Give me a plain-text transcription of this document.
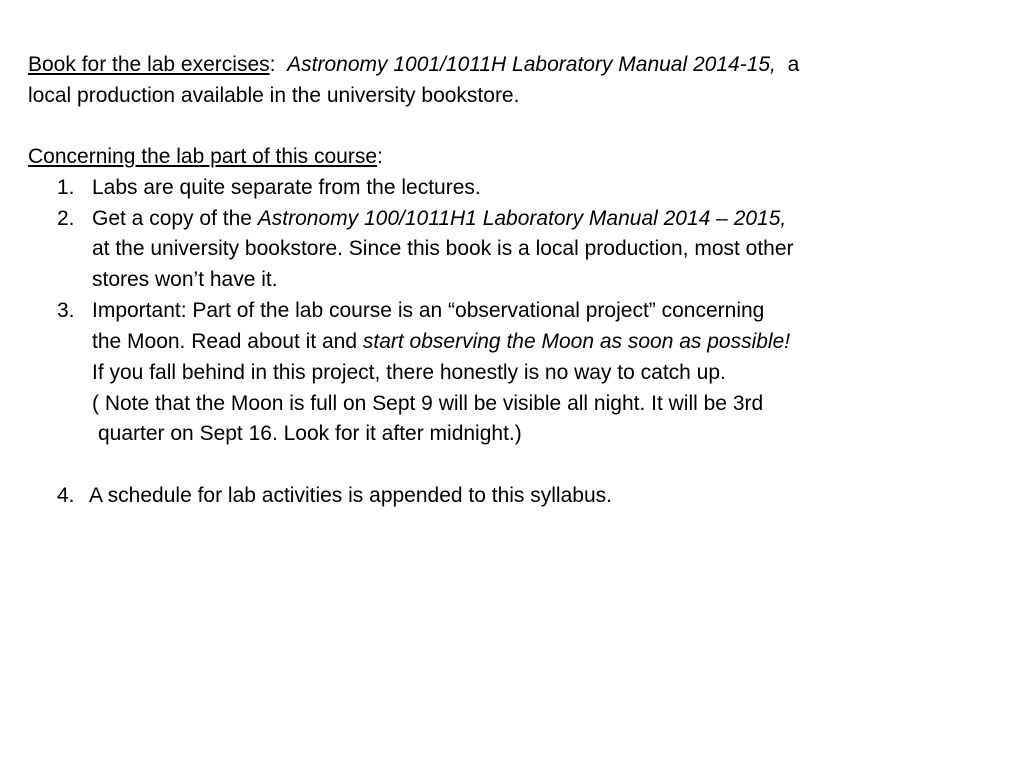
Book for the lab exercises: Astronomy 1001/1011H Laboratory Manual 2014-15, a
local production available in the university bookstore.
Concerning the lab part of this course:
1. Labs are quite separate from the lectures.
2. Get a copy of the Astronomy 100/1011H1 Laboratory Manual 2014 – 2015,
at the university bookstore. Since this book is a local production, most other
stores won’t have it.
3. Important: Part of the lab course is an “observational project” concerning
the Moon. Read about it and start observing the Moon as soon as possible!
If you fall behind in this project, there honestly is no way to catch up.
( Note that the Moon is full on Sept 9 will be visible all night. It will be 3rd
quarter on Sept 16. Look for it after midnight.)
4. A schedule for lab activities is appended to this syllabus.
